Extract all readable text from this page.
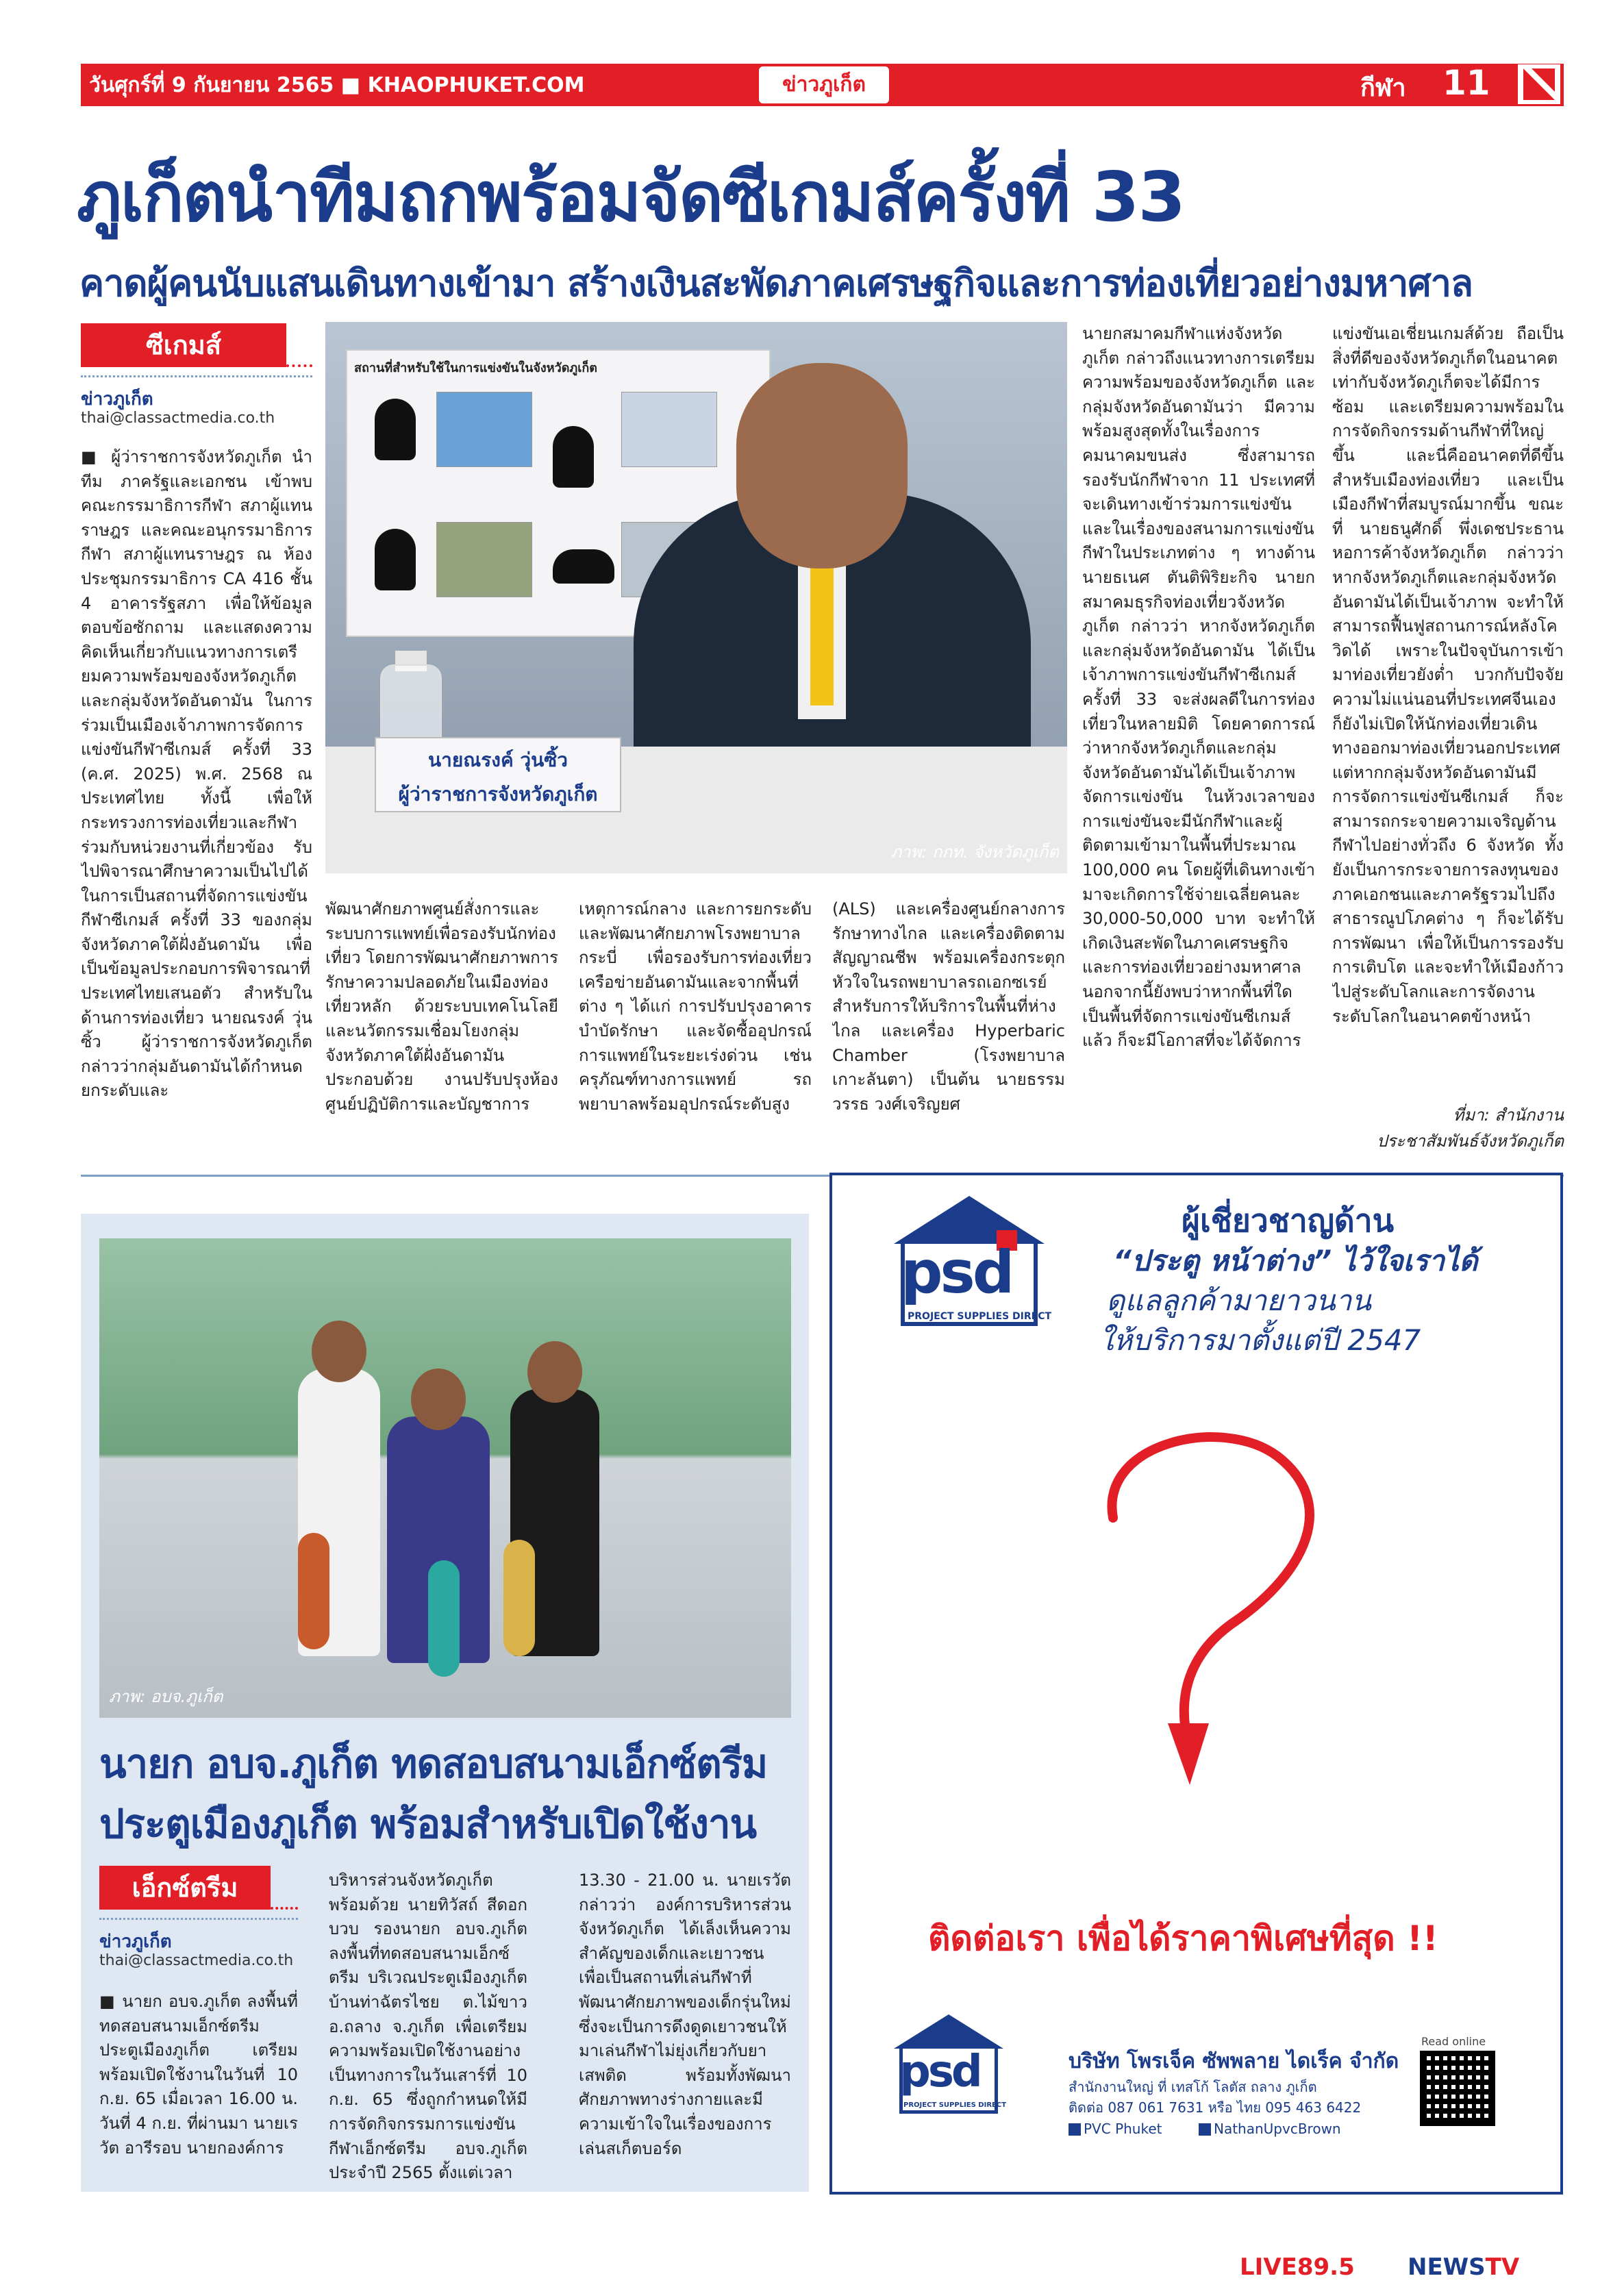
วันศุกร์ที่ 9 กันยายน 2565 ■ KHAOPHUKET.COM	ข่าวภูเก็ต	กีฬา 11
ภูเก็ตนำทีมถกพร้อมจัดซีเกมส์ครั้งที่ 33
คาดผู้คนนับแสนเดินทางเข้ามา สร้างเงินสะพัดภาคเศรษฐกิจและการท่องเที่ยวอย่างมหาศาล
ซีเกมส์
ข่าวภูเก็ต
thai@classactmedia.co.th
■ ผู้ว่าราชการจังหวัดภูเก็ต นำทีม ภาครัฐและเอกชน เข้าพบคณะกรรมาธิการกีฬา สภาผู้แทนราษฎร และคณะอนุกรรมาธิการกีฬา สภาผู้แทนราษฎร ณ ห้องประชุมกรรมาธิการ CA 416 ชั้น 4 อาคารรัฐสภา เพื่อให้ข้อมูล ตอบข้อซักถาม และแสดงความคิดเห็นเกี่ยวกับแนวทางการเตรียมความพร้อมของจังหวัดภูเก็ต และกลุ่มจังหวัดอันดามัน ในการร่วมเป็นเมืองเจ้าภาพการจัดการแข่งขันกีฬาซีเกมส์ ครั้งที่ 33 (ค.ศ. 2025) พ.ศ. 2568 ณ ประเทศไทย ทั้งนี้ เพื่อให้กระทรวงการท่องเที่ยวและกีฬาร่วมกับหน่วยงานที่เกี่ยวข้อง รับไปพิจารณาศึกษาความเป็นไปได้ ในการเป็นสถานที่จัดการแข่งขันกีฬาซีเกมส์ ครั้งที่ 33 ของกลุ่มจังหวัดภาคใต้ฝั่งอันดามัน เพื่อเป็นข้อมูลประกอบการพิจารณาที่ประเทศไทยเสนอตัว สำหรับในด้านการท่องเที่ยว นายณรงค์ วุ่นซิ้ว ผู้ว่าราชการจังหวัดภูเก็ต กล่าวว่ากลุ่มอันดามันได้กำหนดยกระดับและ
พัฒนาศักยภาพศูนย์สั่งการและระบบการแพทย์เพื่อรองรับนักท่องเที่ยว โดยการพัฒนาศักยภาพการรักษาความปลอดภัยในเมืองท่องเที่ยวหลัก ด้วยระบบเทคโนโลยีและนวัตกรรมเชื่อมโยงกลุ่มจังหวัดภาคใต้ฝั่งอันดามันประกอบด้วย งานปรับปรุงห้องศูนย์ปฏิบัติการและบัญชาการ
เหตุการณ์กลาง และการยกระดับและพัฒนาศักยภาพโรงพยาบาลกระบี่ เพื่อรองรับการท่องเที่ยวเครือข่ายอันดามันและจากพื้นที่ต่าง ๆ ได้แก่ การปรับปรุงอาคารบำบัดรักษา และจัดซื้ออุปกรณ์การแพทย์ในระยะเร่งด่วน เช่น ครุภัณฑ์ทางการแพทย์ รถพยาบาลพร้อมอุปกรณ์ระดับสูง
(ALS) และเครื่องศูนย์กลางการรักษาทางไกล และเครื่องติดตามสัญญาณชีพ พร้อมเครื่องกระตุกหัวใจในรถพยาบาลรถเอกซเรย์ สำหรับการให้บริการในพื้นที่ห่างไกล และเครื่อง Hyperbaric Chamber (โรงพยาบาลเกาะลันตา) เป็นต้น นายธรรมวรรธ วงศ์เจริญยศ
นายกสมาคมกีฬาแห่งจังหวัดภูเก็ต กล่าวถึงแนวทางการเตรียมความพร้อมของจังหวัดภูเก็ต และกลุ่มจังหวัดอันดามันว่า มีความพร้อมสูงสุดทั้งในเรื่องการคมนาคมขนส่ง ซึ่งสามารถรองรับนักกีฬาจาก 11 ประเทศที่จะเดินทางเข้าร่วมการแข่งขัน และในเรื่องของสนามการแข่งขันกีฬาในประเภทต่าง ๆ ทางด้าน นายธเนศ ตันติพิริยะกิจ นายกสมาคมธุรกิจท่องเที่ยวจังหวัดภูเก็ต กล่าวว่า หากจังหวัดภูเก็ตและกลุ่มจังหวัดอันดามัน ได้เป็นเจ้าภาพการแข่งขันกีฬาซีเกมส์ ครั้งที่ 33 จะส่งผลดีในการท่องเที่ยวในหลายมิติ โดยคาดการณ์ว่าหากจังหวัดภูเก็ตและกลุ่มจังหวัดอันดามันได้เป็นเจ้าภาพจัดการแข่งขัน ในห้วงเวลาของการแข่งขันจะมีนักกีฬาและผู้ติดตามเข้ามาในพื้นที่ประมาณ 100,000 คน โดยผู้ที่เดินทางเข้ามาจะเกิดการใช้จ่ายเฉลี่ยคนละ 30,000-50,000 บาท จะทำให้เกิดเงินสะพัดในภาคเศรษฐกิจและการท่องเที่ยวอย่างมหาศาล นอกจากนี้ยังพบว่าหากพื้นที่ใดเป็นพื้นที่จัดการแข่งขันซีเกมส์แล้ว ก็จะมีโอกาสที่จะได้จัดการ
แข่งขันเอเชี่ยนเกมส์ด้วย ถือเป็นสิ่งที่ดีของจังหวัดภูเก็ตในอนาคต เท่ากับจังหวัดภูเก็ตจะได้มีการซ้อม และเตรียมความพร้อมในการจัดกิจกรรมด้านกีฬาที่ใหญ่ขึ้น และนี่คืออนาคตที่ดีขึ้นสำหรับเมืองท่องเที่ยว และเป็นเมืองกีฬาที่สมบูรณ์มากขึ้น ขณะที่ นายธนูศักดิ์ พึ่งเดชประธานหอการค้าจังหวัดภูเก็ต กล่าวว่า หากจังหวัดภูเก็ตและกลุ่มจังหวัดอันดามันได้เป็นเจ้าภาพ จะทำให้สามารถฟื้นฟูสถานการณ์หลังโควิดได้ เพราะในปัจจุบันการเข้ามาท่องเที่ยวยังต่ำ บวกกับปัจจัยความไม่แน่นอนที่ประเทศจีนเองก็ยังไม่เปิดให้นักท่องเที่ยวเดินทางออกมาท่องเที่ยวนอกประเทศ แต่หากกลุ่มจังหวัดอันดามันมีการจัดการแข่งขันซีเกมส์ ก็จะสามารถกระจายความเจริญด้านกีฬาไปอย่างทั่วถึง 6 จังหวัด ทั้งยังเป็นการกระจายการลงทุนของภาคเอกชนและภาครัฐรวมไปถึงสาธารณูปโภคต่าง ๆ ก็จะได้รับการพัฒนา เพื่อให้เป็นการรองรับการเติบโต และจะทำให้เมืองก้าวไปสู่ระดับโลกและการจัดงานระดับโลกในอนาคตข้างหน้า
ที่มา: สำนักงาน
ประชาสัมพันธ์จังหวัดภูเก็ต
สถานที่สำหรับใช้ในการแข่งขันในจังหวัดภูเก็ต
นายณรงค์ วุ่นซิ้ว
ผู้ว่าราชการจังหวัดภูเก็ต
ภาพ: กกท. จังหวัดภูเก็ต
ภาพ: อบจ.ภูเก็ต
นายก อบจ.ภูเก็ต ทดสอบสนามเอ็กซ์ตรีม
ประตูเมืองภูเก็ต พร้อมสำหรับเปิดใช้งาน
เอ็กซ์ตรีม
ข่าวภูเก็ต
thai@classactmedia.co.th
■ นายก อบจ.ภูเก็ต ลงพื้นที่ทดสอบสนามเอ็กซ์ตรีม ประตูเมืองภูเก็ต เตรียมพร้อมเปิดใช้งานในวันที่ 10 ก.ย. 65 เมื่อเวลา 16.00 น. วันที่ 4 ก.ย. ที่ผ่านมา นายเรวัต อารีรอบ นายกองค์การ
บริหารส่วนจังหวัดภูเก็ต พร้อมด้วย นายทิวัสถ์ สีดอกบวบ รองนายก อบจ.ภูเก็ต ลงพื้นที่ทดสอบสนามเอ็กซ์ตรีม บริเวณประตูเมืองภูเก็ต บ้านท่าฉัตรไชย ต.ไม้ขาว อ.ถลาง จ.ภูเก็ต เพื่อเตรียมความพร้อมเปิดใช้งานอย่างเป็นทางการในวันเสาร์ที่ 10 ก.ย. 65 ซึ่งถูกกำหนดให้มีการจัดกิจกรรมการแข่งขันกีฬาเอ็กซ์ตรีม อบจ.ภูเก็ต ประจำปี 2565 ตั้งแต่เวลา
13.30 - 21.00 น. นายเรวัต กล่าวว่า องค์การบริหารส่วนจังหวัดภูเก็ต ได้เล็งเห็นความสำคัญของเด็กและเยาวชน เพื่อเป็นสถานที่เล่นกีฬาที่พัฒนาศักยภาพของเด็กรุ่นใหม่ ซึ่งจะเป็นการดึงดูดเยาวชนให้มาเล่นกีฬาไม่ยุ่งเกี่ยวกับยาเสพติด พร้อมทั้งพัฒนาศักยภาพทางร่างกายและมีความเข้าใจในเรื่องของการเล่นสเก็ตบอร์ด
psd
PROJECT SUPPLIES DIRECT
ผู้เชี่ยวชาญด้าน
“ประตู หน้าต่าง” ไว้ใจเราได้
ดูแลลูกค้ามายาวนาน
ให้บริการมาตั้งแต่ปี 2547
ติดต่อเรา เพื่อได้ราคาพิเศษที่สุด !!
psd
PROJECT SUPPLIES DIRECT
บริษัท โพรเจ็ค ซัพพลาย ไดเร็ค จำกัด
สำนักงานใหญ่ ที่ เทสโก้ โลตัส ถลาง ภูเก็ต
ติดต่อ 087 061 7631 หรือ ไทย 095 463 6422
PVC Phuket	NathanUpvcBrown
Read online
LIVE89.5 NEWSTV
